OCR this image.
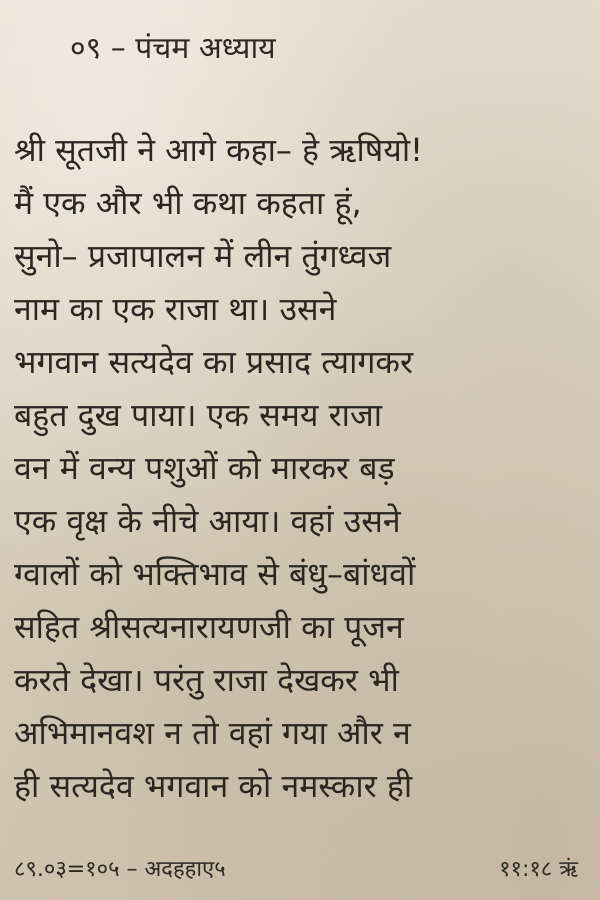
०९ – पंचम अध्याय
श्री सूतजी ने आगे कहा– हे ऋषियो!
मैं एक और भी कथा कहता हूं,
सुनो– प्रजापालन में लीन तुंगध्वज
नाम का एक राजा था। उसने
भगवान सत्यदेव का प्रसाद त्यागकर
बहुत दुख पाया। एक समय राजा
वन में वन्य पशुओं को मारकर बड़
एक वृक्ष के नीचे आया। वहां उसने
ग्वालों को भक्तिभाव से बंधु–बांधवों
सहित श्रीसत्यनारायणजी का पूजन
करते देखा। परंतु राजा देखकर भी
अभिमानवश न तो वहां गया और न
ही सत्यदेव भगवान को नमस्कार ही
८९.०३=१०५ – अदहहाए५	११:१८ ऋं
